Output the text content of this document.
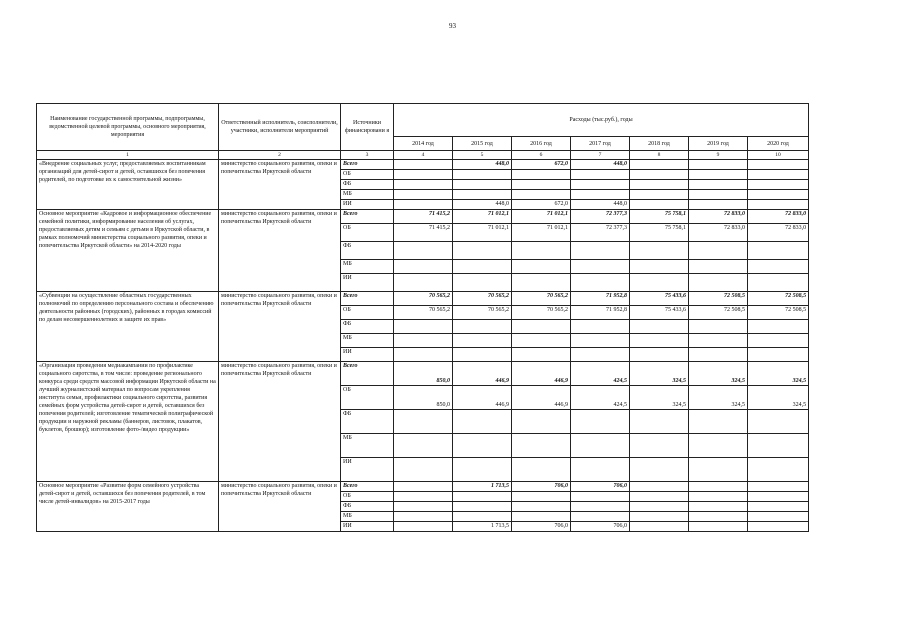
93
Наименование государственной программы, подпрограммы, ведомственной целевой программы, основного мероприятия, мероприятия	Ответственный исполнитель, соисполнители, участники, исполнители мероприятий	Источники финансировани я	Расходы (тыс.руб.), годы						
			2014 год	2015 год	2016 год	2017 год	2018 год	2019 год	2020 год
1	2	3	4	5	6	7	8	9	10
«Внедрение социальных услуг, предоставляемых воспитанникам организаций для детей-сирот и детей, оставшихся без попечения родителей, по подготовке их к самостоятельной жизни»	министерство социального развития, опеки и попечительства Иркутской области	Всего		448,0	672,0	448,0			
		ОБ							
		ФБ							
		МБ							
		ИИ		448,0	672,0	448,0			
Основное мероприятие «Кадровое и информационное обеспечение семейной политики, информирование населения об услугах, предоставляемых детям и семьям с детьми в Иркутской области, в рамках полномочий министерства социального развития, опеки и попечительства Иркутской области» на 2014-2020 годы	министерство социального развития, опеки и попечительства Иркутской области	Всего	71 415,2	71 012,1	71 012,1	72 377,3	75 758,1	72 833,0	72 833,0
		ОБ	71 415,2	71 012,1	71 012,1	72 377,3	75 758,1	72 833,0	72 833,0
		ФБ							
		МБ							
		ИИ							
«Субвенции на осуществление областных государственных полномочий по определению персонального состава и обеспечению деятельности районных (городских), районных в городах комиссий по делам несовершеннолетних и защите их прав»	министерство социального развития, опеки и попечительства Иркутской области	Всего	70 565,2	70 565,2	70 565,2	71 952,8	75 433,6	72 508,5	72 508,5
		ОБ	70 565,2	70 565,2	70 565,2	71 952,8	75 433,6	72 508,5	72 508,5
		ФБ							
		МБ							
		ИИ							
«Организация проведения медиакампании по профилактике социального сиротства, в том числе: проведение регионального конкурса среди средств массовой информации Иркутской области на лучший журналистский материал по вопросам укрепления института семьи, профилактики социального сиротства, развития семейных форм устройства детей-сирот и детей, оставшихся без попечения родителей; изготовление тематической полиграфической продукции и наружной рекламы (баннеров, листовок, плакатов, буклетов, брошюр); изготовление фото-/видео продукции»	министерство социального развития, опеки и попечительства Иркутской области	Всего	850,0	446,9	446,9	424,5	324,5	324,5	324,5
		ОБ	850,0	446,9	446,9	424,5	324,5	324,5	324,5
		ФБ							
		МБ							
		ИИ							
Основное мероприятие «Развитие форм семейного устройства детей-сирот и детей, оставшихся без попечения родителей, в том числе детей-инвалидов» на 2015-2017 годы	министерство социального развития, опеки и попечительства Иркутской области	Всего		1 713,5	706,0	706,0			
		ОБ							
		ФБ							
		МБ							
		ИИ		1 713,5	706,0	706,0			
